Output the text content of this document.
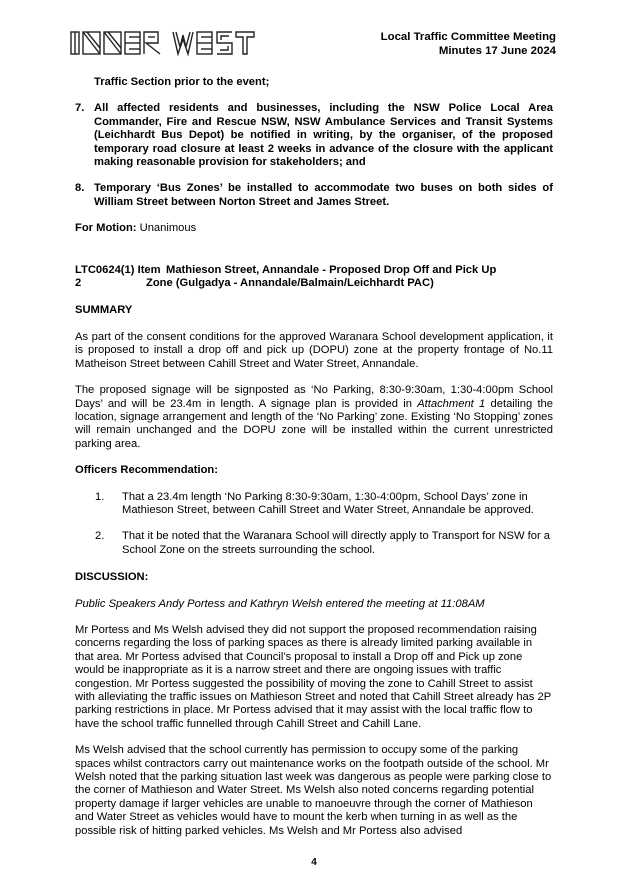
Local Traffic Committee Meeting
Minutes 17 June 2024

Traffic Section prior to the event;

7. All affected residents and businesses, including the NSW Police Local Area Commander, Fire and Rescue NSW, NSW Ambulance Services and Transit Systems (Leichhardt Bus Depot) be notified in writing, by the organiser, of the proposed temporary road closure at least 2 weeks in advance of the closure with the applicant making reasonable provision for stakeholders; and
8. Temporary ‘Bus Zones’ be installed to accommodate two buses on both sides of William Street between Norton Street and James Street.

For Motion: Unanimous

LTC0624(1) Item 2
Mathieson Street, Annandale - Proposed Drop Off and Pick Up
Zone (Gulgadya - Annandale/Balmain/Leichhardt PAC)

SUMMARY

As part of the consent conditions for the approved Waranara School development application, it is proposed to install a drop off and pick up (DOPU) zone at the property frontage of No.11 Matheison Street between Cahill Street and Water Street, Annandale.

The proposed signage will be signposted as ‘No Parking, 8:30-9:30am, 1:30-4:00pm School Days’ and will be 23.4m in length. A signage plan is provided in Attachment 1 detailing the location, signage arrangement and length of the ‘No Parking’ zone. Existing ‘No Stopping’ zones will remain unchanged and the DOPU zone will be installed within the current unrestricted parking area.

Officers Recommendation:

1.	That a 23.4m length ‘No Parking 8:30-9:30am, 1:30-4:00pm, School Days’ zone in Mathieson Street, between Cahill Street and Water Street, Annandale be approved.
2.	That it be noted that the Waranara School will directly apply to Transport for NSW for a School Zone on the streets surrounding the school.

DISCUSSION:

Public Speakers Andy Portess and Kathryn Welsh entered the meeting at 11:08AM

Mr Portess and Ms Welsh advised they did not support the proposed recommendation raising concerns regarding the loss of parking spaces as there is already limited parking available in that area. Mr Portess advised that Council’s proposal to install a Drop off and Pick up zone would be inappropriate as it is a narrow street and there are ongoing issues with traffic congestion. Mr Portess suggested the possibility of moving the zone to Cahill Street to assist with alleviating the traffic issues on Mathieson Street and noted that Cahill Street already has 2P parking restrictions in place. Mr Portess advised that it may assist with the local traffic flow to have the school traffic funnelled through Cahill Street and Cahill Lane.

Ms Welsh advised that the school currently has permission to occupy some of the parking spaces whilst contractors carry out maintenance works on the footpath outside of the school. Mr Welsh noted that the parking situation last week was dangerous as people were parking close to the corner of Mathieson and Water Street. Ms Welsh also noted concerns regarding potential property damage if larger vehicles are unable to manoeuvre through the corner of Mathieson and Water Street as vehicles would have to mount the kerb when turning in as well as the possible risk of hitting parked vehicles. Ms Welsh and Mr Portess also advised

4
